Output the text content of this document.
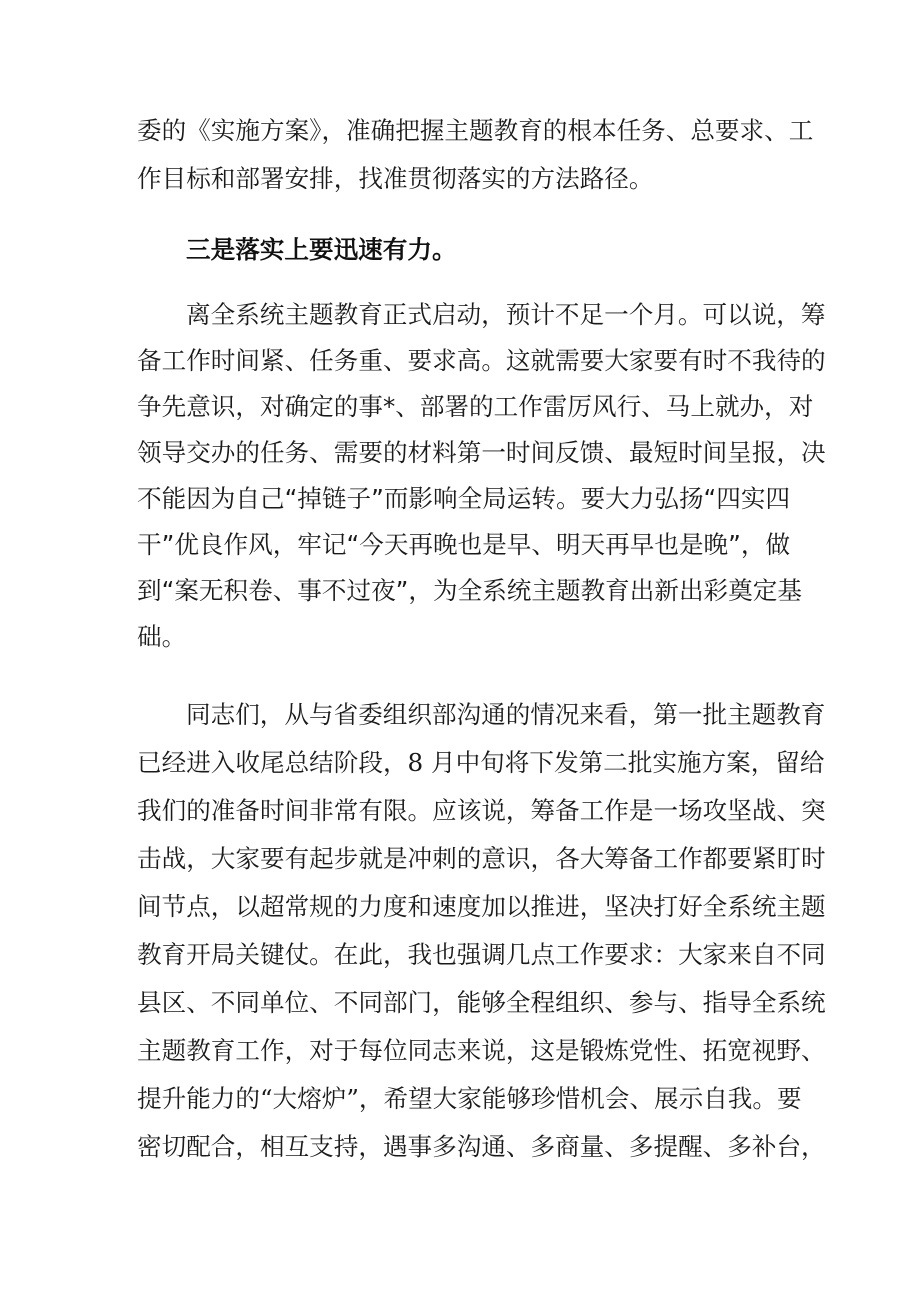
委的《实施方案》，准确把握主题教育的根本任务、总要求、工
作目标和部署安排，找准贯彻落实的方法路径。
三是落实上要迅速有力。
离全系统主题教育正式启动，预计不足一个月。可以说，筹
备工作时间紧、任务重、要求高。这就需要大家要有时不我待的
争先意识，对确定的事*、部署的工作雷厉风行、马上就办，对
领导交办的任务、需要的材料第一时间反馈、最短时间呈报，决
不能因为自己“掉链子”而影响全局运转。要大力弘扬“四实四
干”优良作风，牢记“今天再晚也是早、明天再早也是晚”，做
到“案无积卷、事不过夜”，为全系统主题教育出新出彩奠定基
础。
同志们，从与省委组织部沟通的情况来看，第一批主题教育
已经进入收尾总结阶段，8 月中旬将下发第二批实施方案，留给
我们的准备时间非常有限。应该说，筹备工作是一场攻坚战、突
击战，大家要有起步就是冲刺的意识，各大筹备工作都要紧盯时
间节点，以超常规的力度和速度加以推进，坚决打好全系统主题
教育开局关键仗。在此，我也强调几点工作要求：大家来自不同
县区、不同单位、不同部门，能够全程组织、参与、指导全系统
主题教育工作，对于每位同志来说，这是锻炼党性、拓宽视野、
提升能力的“大熔炉”，希望大家能够珍惜机会、展示自我。要
密切配合，相互支持，遇事多沟通、多商量、多提醒、多补台，
